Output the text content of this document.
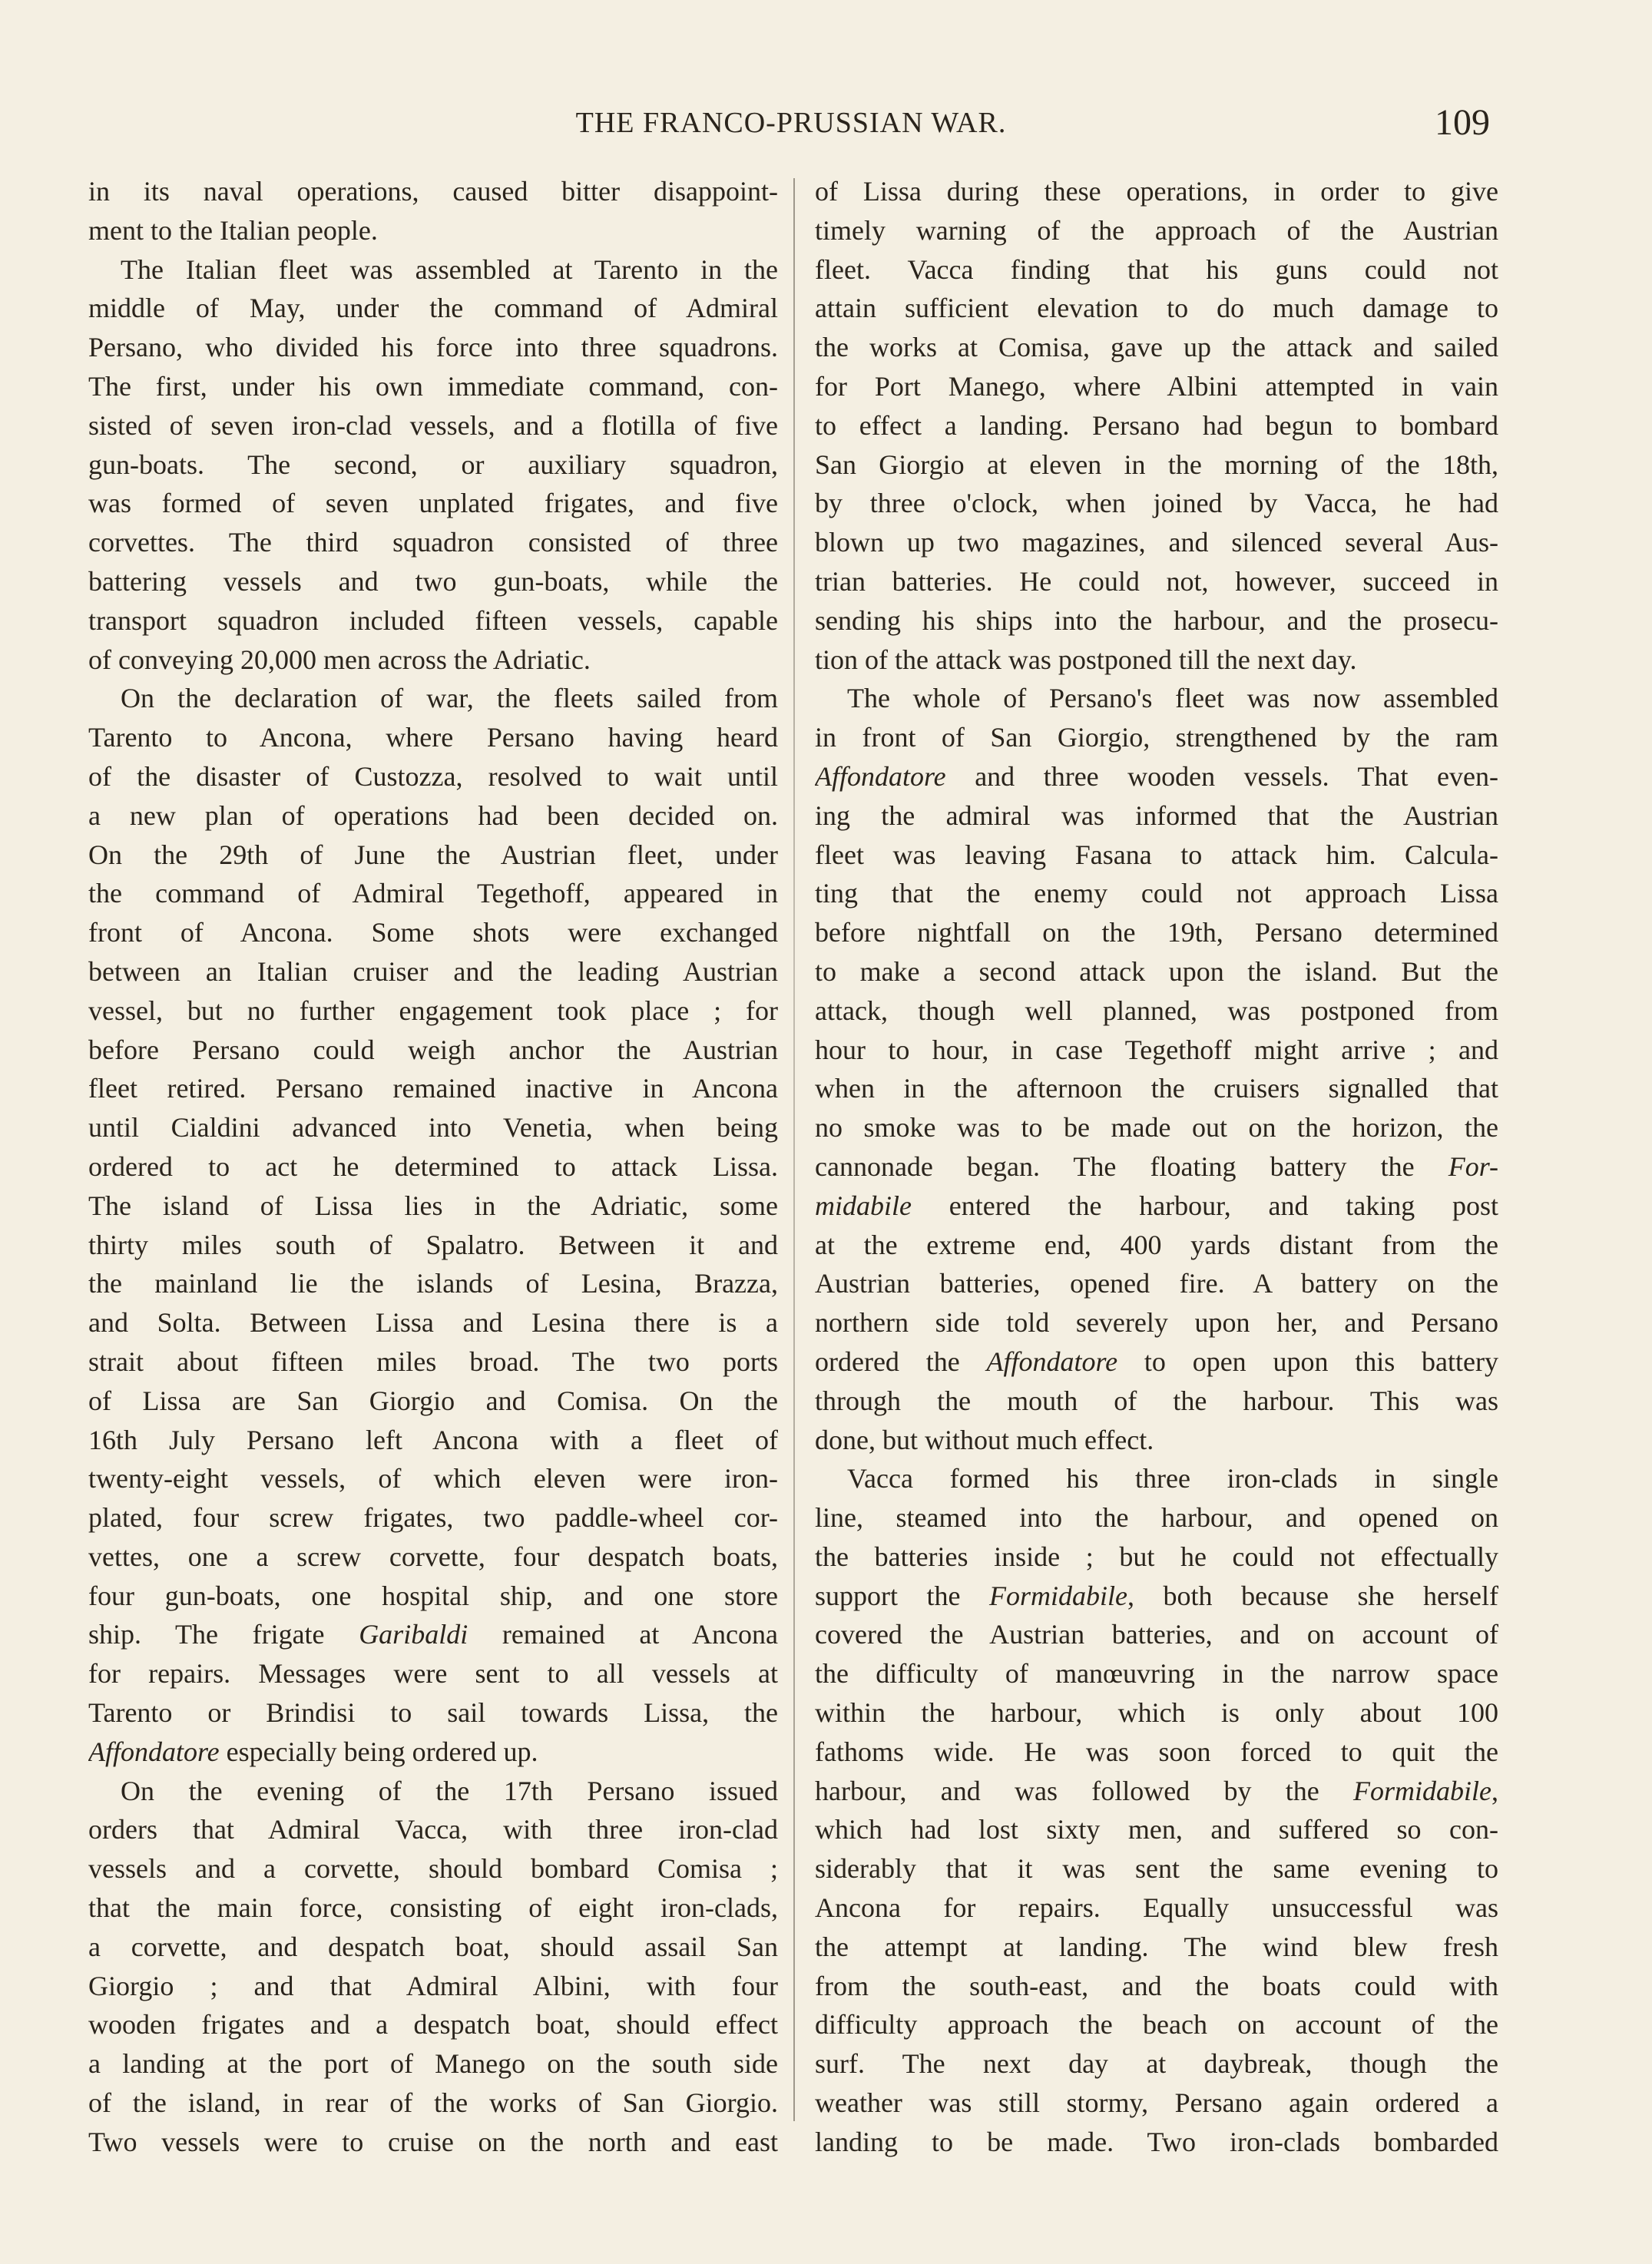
THE FRANCO-PRUSSIAN WAR.	109
in its naval operations, caused bitter disappoint-
ment to the Italian people.
The Italian fleet was assembled at Tarento in the
middle of May, under the command of Admiral
Persano, who divided his force into three squadrons.
The first, under his own immediate command, con-
sisted of seven iron-clad vessels, and a flotilla of five
gun-boats. The second, or auxiliary squadron,
was formed of seven unplated frigates, and five
corvettes. The third squadron consisted of three
battering vessels and two gun-boats, while the
transport squadron included fifteen vessels, capable
of conveying 20,000 men across the Adriatic.
On the declaration of war, the fleets sailed from
Tarento to Ancona, where Persano having heard
of the disaster of Custozza, resolved to wait until
a new plan of operations had been decided on.
On the 29th of June the Austrian fleet, under
the command of Admiral Tegethoff, appeared in
front of Ancona. Some shots were exchanged
between an Italian cruiser and the leading Austrian
vessel, but no further engagement took place ; for
before Persano could weigh anchor the Austrian
fleet retired. Persano remained inactive in Ancona
until Cialdini advanced into Venetia, when being
ordered to act he determined to attack Lissa.
The island of Lissa lies in the Adriatic, some
thirty miles south of Spalatro. Between it and
the mainland lie the islands of Lesina, Brazza,
and Solta. Between Lissa and Lesina there is a
strait about fifteen miles broad. The two ports
of Lissa are San Giorgio and Comisa. On the
16th July Persano left Ancona with a fleet of
twenty-eight vessels, of which eleven were iron-
plated, four screw frigates, two paddle-wheel cor-
vettes, one a screw corvette, four despatch boats,
four gun-boats, one hospital ship, and one store
ship. The frigate Garibaldi remained at Ancona
for repairs. Messages were sent to all vessels at
Tarento or Brindisi to sail towards Lissa, the
Affondatore especially being ordered up.
On the evening of the 17th Persano issued
orders that Admiral Vacca, with three iron-clad
vessels and a corvette, should bombard Comisa ;
that the main force, consisting of eight iron-clads,
a corvette, and despatch boat, should assail San
Giorgio ; and that Admiral Albini, with four
wooden frigates and a despatch boat, should effect
a landing at the port of Manego on the south side
of the island, in rear of the works of San Giorgio.
Two vessels were to cruise on the north and east
of Lissa during these operations, in order to give
timely warning of the approach of the Austrian
fleet. Vacca finding that his guns could not
attain sufficient elevation to do much damage to
the works at Comisa, gave up the attack and sailed
for Port Manego, where Albini attempted in vain
to effect a landing. Persano had begun to bombard
San Giorgio at eleven in the morning of the 18th,
by three o'clock, when joined by Vacca, he had
blown up two magazines, and silenced several Aus-
trian batteries. He could not, however, succeed in
sending his ships into the harbour, and the prosecu-
tion of the attack was postponed till the next day.
The whole of Persano's fleet was now assembled
in front of San Giorgio, strengthened by the ram
Affondatore and three wooden vessels. That even-
ing the admiral was informed that the Austrian
fleet was leaving Fasana to attack him. Calcula-
ting that the enemy could not approach Lissa
before nightfall on the 19th, Persano determined
to make a second attack upon the island. But the
attack, though well planned, was postponed from
hour to hour, in case Tegethoff might arrive ; and
when in the afternoon the cruisers signalled that
no smoke was to be made out on the horizon, the
cannonade began. The floating battery the For-
midabile entered the harbour, and taking post
at the extreme end, 400 yards distant from the
Austrian batteries, opened fire. A battery on the
northern side told severely upon her, and Persano
ordered the Affondatore to open upon this battery
through the mouth of the harbour. This was
done, but without much effect.
Vacca formed his three iron-clads in single
line, steamed into the harbour, and opened on
the batteries inside ; but he could not effectually
support the Formidabile, both because she herself
covered the Austrian batteries, and on account of
the difficulty of manœuvring in the narrow space
within the harbour, which is only about 100
fathoms wide. He was soon forced to quit the
harbour, and was followed by the Formidabile,
which had lost sixty men, and suffered so con-
siderably that it was sent the same evening to
Ancona for repairs. Equally unsuccessful was
the attempt at landing. The wind blew fresh
from the south-east, and the boats could with
difficulty approach the beach on account of the
surf. The next day at daybreak, though the
weather was still stormy, Persano again ordered a
landing to be made. Two iron-clads bombarded
